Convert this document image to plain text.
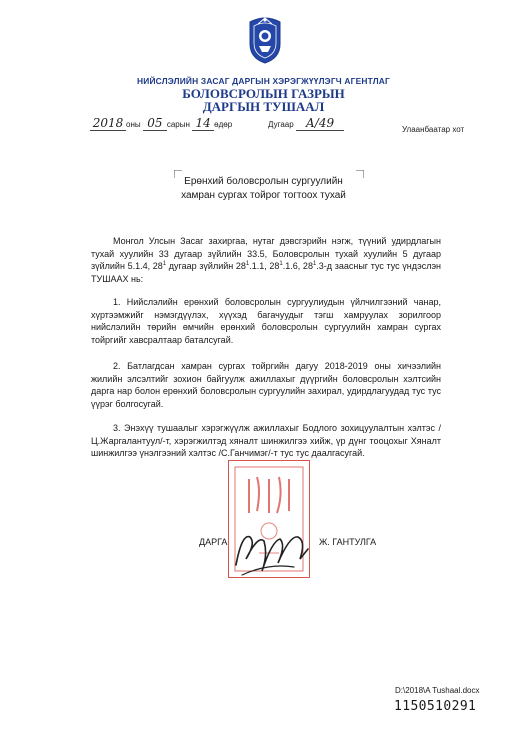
НИЙСЛЭЛИЙН ЗАСАГ ДАРГЫН ХЭРЭГЖҮҮЛЭГЧ АГЕНТЛАГ
БОЛОВСРОЛЫН ГАЗРЫН
ДАРГЫН ТУШААЛ
2018 оны 05 сарын 14 өдөр	Дугаар А/49	Улаанбаатар хот
Ерөнхий боловсролын сургуулийн
хамран сургах тойрог тогтоох тухай

Монгол Улсын Засаг захиргаа, нутаг дэвсгэрийн нэгж, түүний удирдлагын тухай хуулийн 33 дугаар зүйлийн 33.5, Боловсролын тухай хуулийн 5 дугаар зүйлийн 5.1.4, $28^1$ дугаар зүйлийн $28^1.1.1$, $28^1.1.6$, $28^1.3-д$ заасныг тус тус үндэслэн ТУШААХ нь:

1. Нийслэлийн ерөнхий боловсролын сургуулиудын үйлчилгээний чанар, хүртээмжийг нэмэгдүүлэх, хүүхэд багачуудыг тэгш хамруулах зорилгоор нийслэлийн төрийн өмчийн ерөнхий боловсролын сургуулийн хамран сургах тойргийг хавсралтаар баталсугай.

2. Батлагдсан хамран сургах тойргийн дагуу 2018-2019 оны хичээлийн жилийн элсэлтийг зохион байгуулж ажиллахыг дүүргийн боловсролын хэлтсийн дарга нар болон ерөнхий боловсролын сургуулийн захирал, удирдлагуудад тус тус үүрэг болгосугай.

3. Энэхүү тушаалыг хэрэгжүүлж ажиллахыг Бодлого зохицуулалтын хэлтэс /Ц.Жаргалантуул/-т, хэрэгжилтэд хяналт шинжилгээ хийж, үр дүнг тооцохыг Хяналт шинжилгээ үнэлгээний хэлтэс /С.Ганчимэг/-т тус тус даалгасугай.

ДАРГА	Ж. ГАНТУЛГА
D:\2018\A Tushaal.docx
1150510291
